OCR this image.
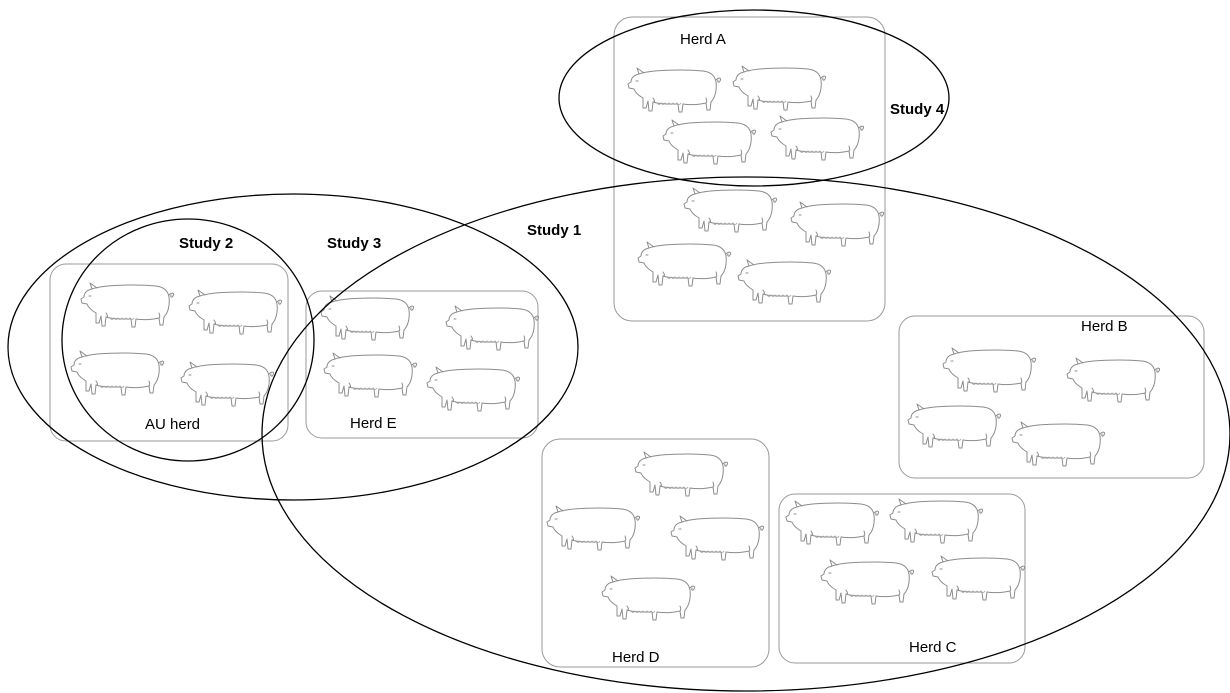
Herd A
Herd B
Herd C
Herd D
Herd E
AU herd
Study 1
Study 2	Study 3
Study 4
